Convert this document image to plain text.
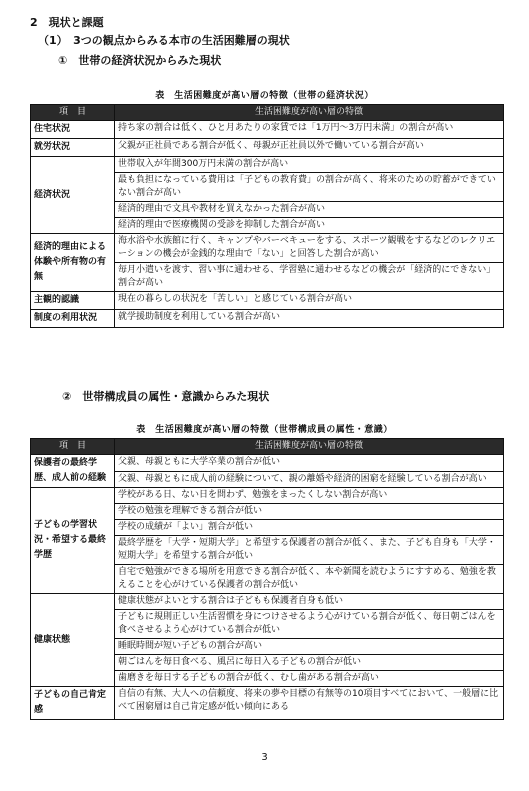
2　現状と課題
（1）　3つの観点からみる本市の生活困難層の現状
①　世帯の経済状況からみた現状
表　生活困難度が高い層の特徴（世帯の経済状況）
項　目	生活困難度が高い層の特徴
住宅状況	持ち家の割合は低く、ひと月あたりの家賃では「1万円～3万円未満」の割合が高い
就労状況	父親が正社員である割合が低く、母親が正社員以外で働いている割合が高い
経済状況	世帯収入が年間300万円未満の割合が高い
	最も負担になっている費用は「子どもの教育費」の割合が高く、将来のための貯蓄ができていない割合が高い
	経済的理由で文具や教材を買えなかった割合が高い
	経済的理由で医療機関の受診を抑制した割合が高い
経済的理由による体験や所有物の有無	海水浴や水族館に行く、キャンプやバーベキューをする、スポーツ観戦をするなどのレクリエーションの機会が金銭的な理由で「ない」と回答した割合が高い
	毎月小遣いを渡す、習い事に通わせる、学習塾に通わせるなどの機会が「経済的にできない」割合が高い
主観的認識	現在の暮らしの状況を「苦しい」と感じている割合が高い
制度の利用状況	就学援助制度を利用している割合が高い
②　世帯構成員の属性・意識からみた現状
表　生活困難度が高い層の特徴（世帯構成員の属性・意識）
項　目	生活困難度が高い層の特徴
保護者の最終学歴、成人前の経験	父親、母親ともに大学卒業の割合が低い
	父親、母親ともに成人前の経験について、親の離婚や経済的困窮を経験している割合が高い
子どもの学習状況・希望する最終学歴	学校がある日、ない日を問わず、勉強をまったくしない割合が高い
	学校の勉強を理解できる割合が低い
	学校の成績が「よい」割合が低い
	最終学歴を「大学・短期大学」と希望する保護者の割合が低く、また、子ども自身も「大学・短期大学」を希望する割合が低い
	自宅で勉強ができる場所を用意できる割合が低く、本や新聞を読むようにすすめる、勉強を教えることを心がけている保護者の割合が低い
健康状態	健康状態がよいとする割合は子どもも保護者自身も低い
	子どもに規則正しい生活習慣を身につけさせるよう心がけている割合が低く、毎日朝ごはんを食べさせるよう心がけている割合が低い
	睡眠時間が短い子どもの割合が高い
	朝ごはんを毎日食べる、風呂に毎日入る子どもの割合が低い
	歯磨きを毎日する子どもの割合が低く、むし歯がある割合が高い
子どもの自己肯定感	自信の有無、大人への信頼度、将来の夢や目標の有無等の10項目すべてにおいて、一般層に比べて困窮層は自己肯定感が低い傾向にある
3
